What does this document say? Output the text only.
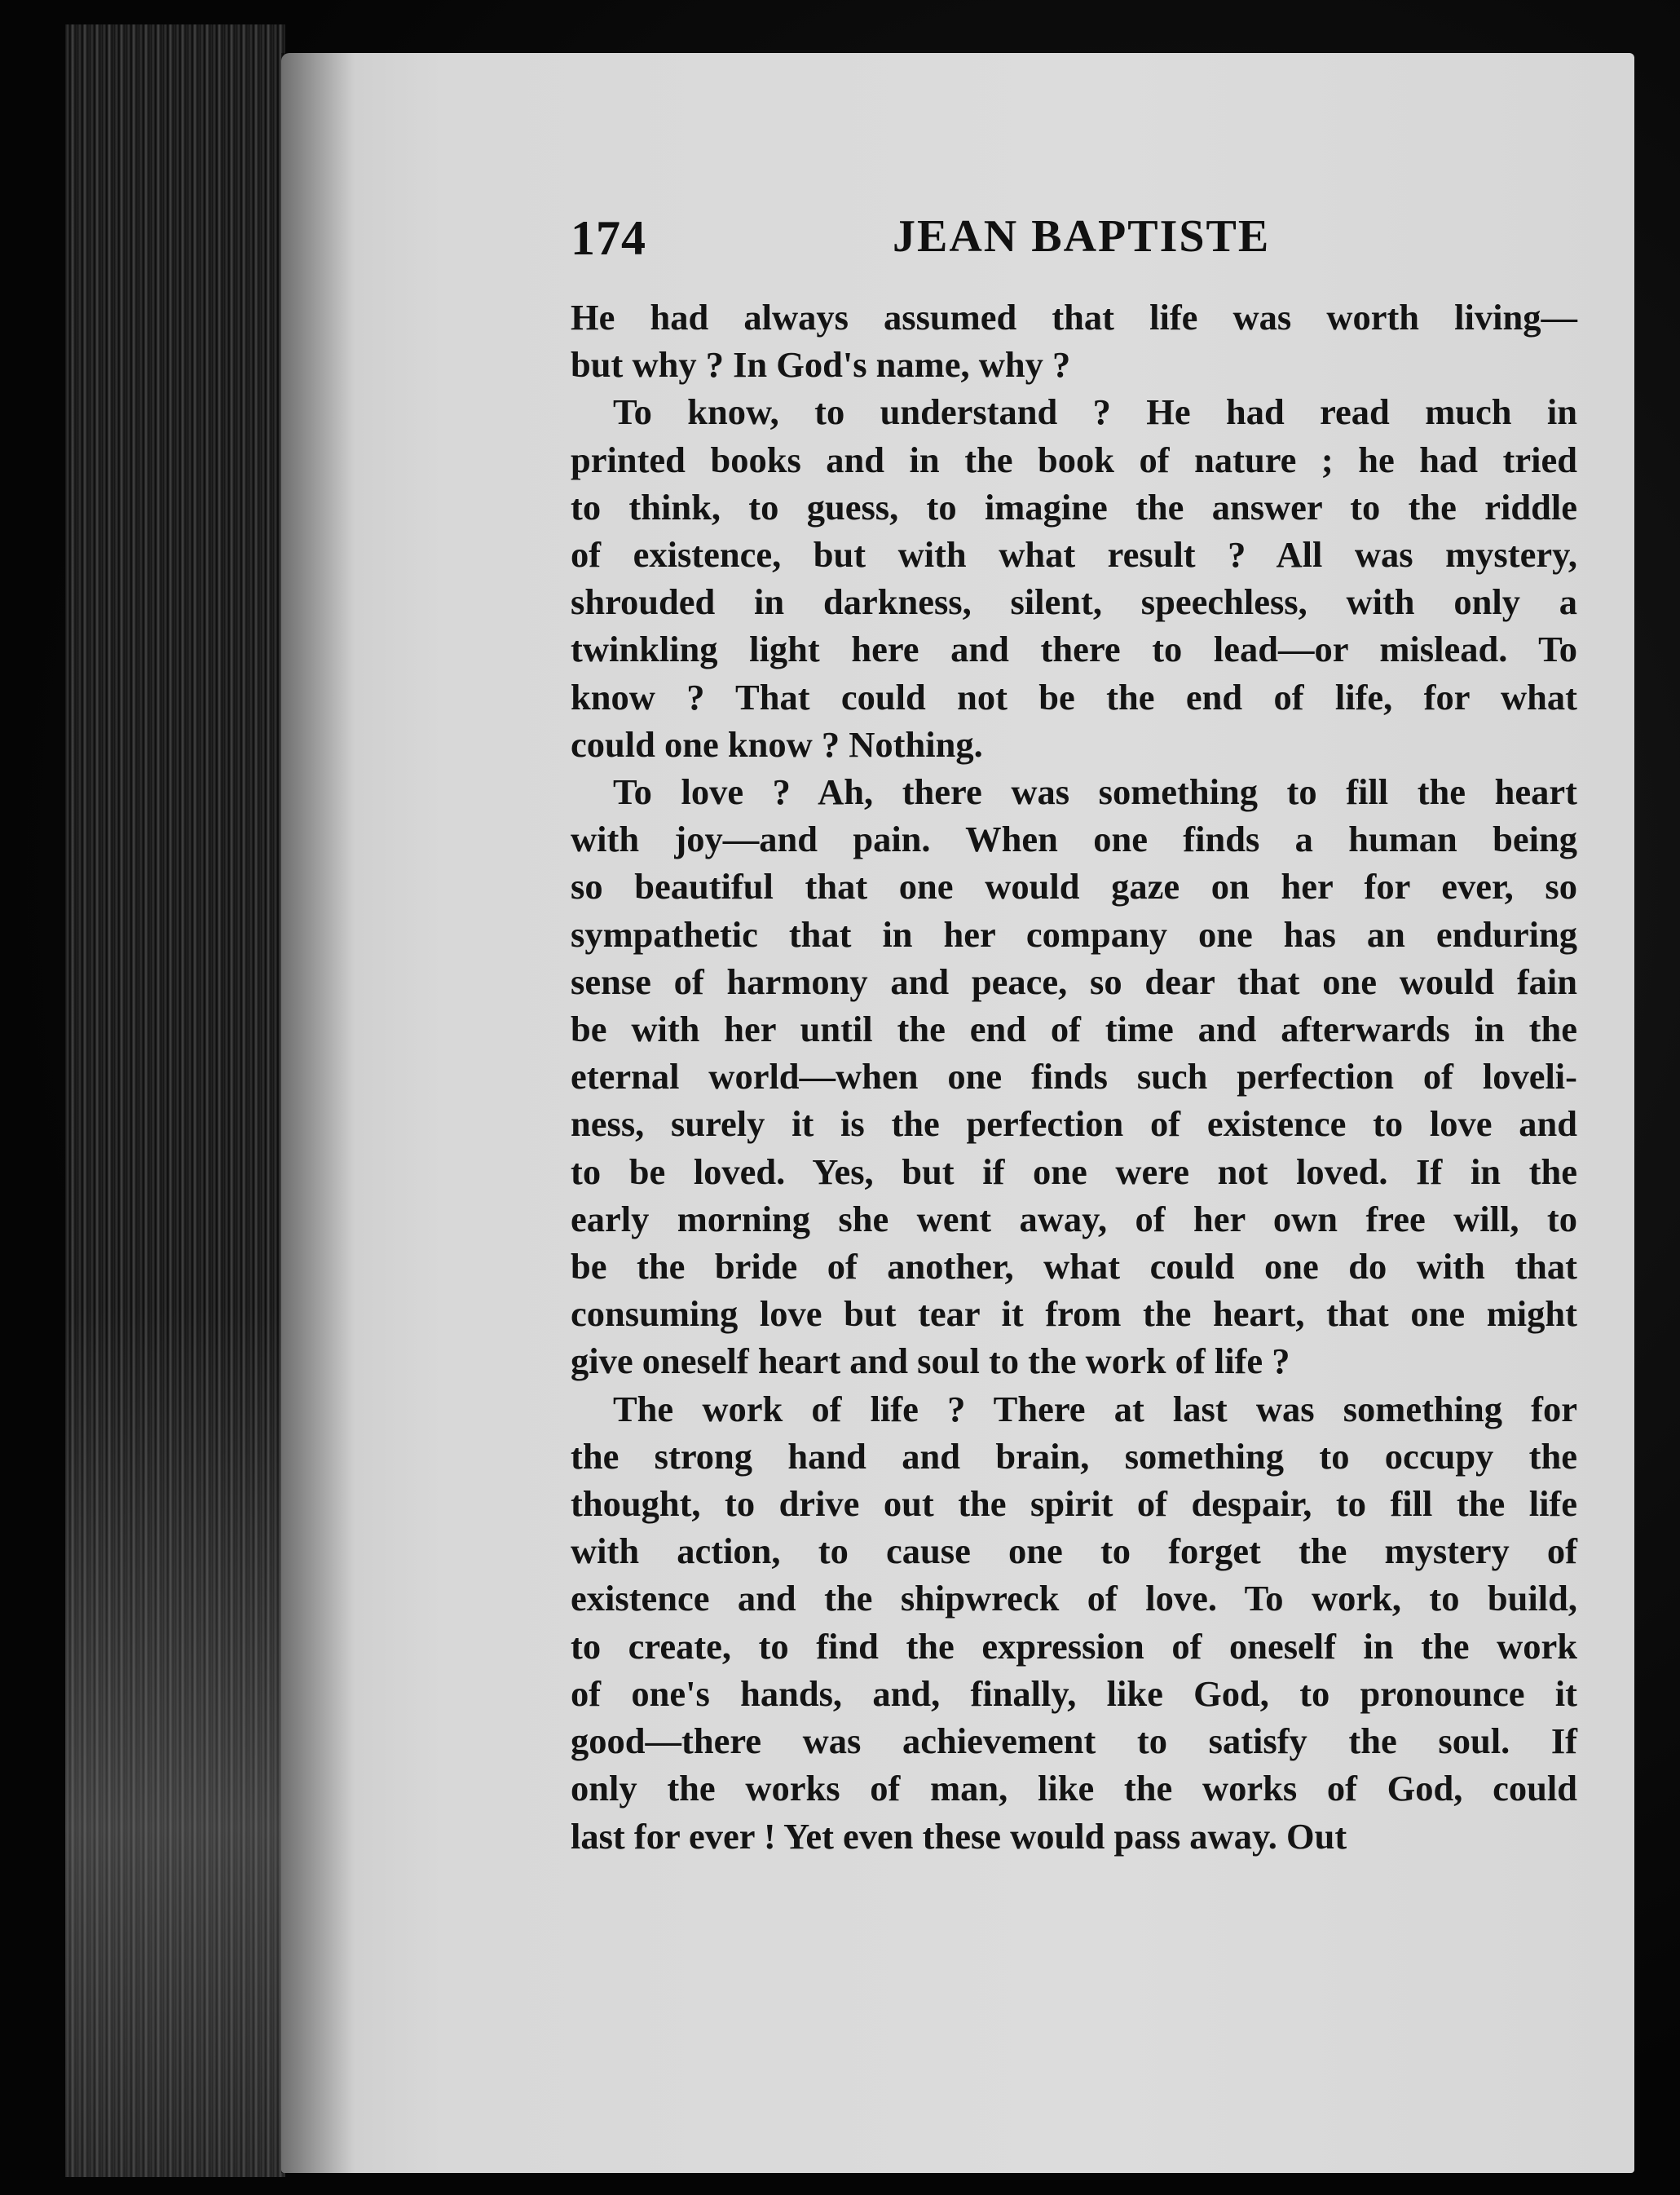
174	JEAN BAPTISTE
He had always assumed that life was worth living—
but why ? In God's name, why ?
To know, to understand ? He had read much in
printed books and in the book of nature ; he had tried
to think, to guess, to imagine the answer to the riddle
of existence, but with what result ? All was mystery,
shrouded in darkness, silent, speechless, with only a
twinkling light here and there to lead—or mislead. To
know ? That could not be the end of life, for what
could one know ? Nothing.
To love ? Ah, there was something to fill the heart
with joy—and pain. When one finds a human being
so beautiful that one would gaze on her for ever, so
sympathetic that in her company one has an enduring
sense of harmony and peace, so dear that one would fain
be with her until the end of time and afterwards in the
eternal world—when one finds such perfection of loveli-
ness, surely it is the perfection of existence to love and
to be loved. Yes, but if one were not loved. If in the
early morning she went away, of her own free will, to
be the bride of another, what could one do with that
consuming love but tear it from the heart, that one might
give oneself heart and soul to the work of life ?
The work of life ? There at last was something for
the strong hand and brain, something to occupy the
thought, to drive out the spirit of despair, to fill the life
with action, to cause one to forget the mystery of
existence and the shipwreck of love. To work, to build,
to create, to find the expression of oneself in the work
of one's hands, and, finally, like God, to pronounce it
good—there was achievement to satisfy the soul. If
only the works of man, like the works of God, could
last for ever ! Yet even these would pass away. Out
